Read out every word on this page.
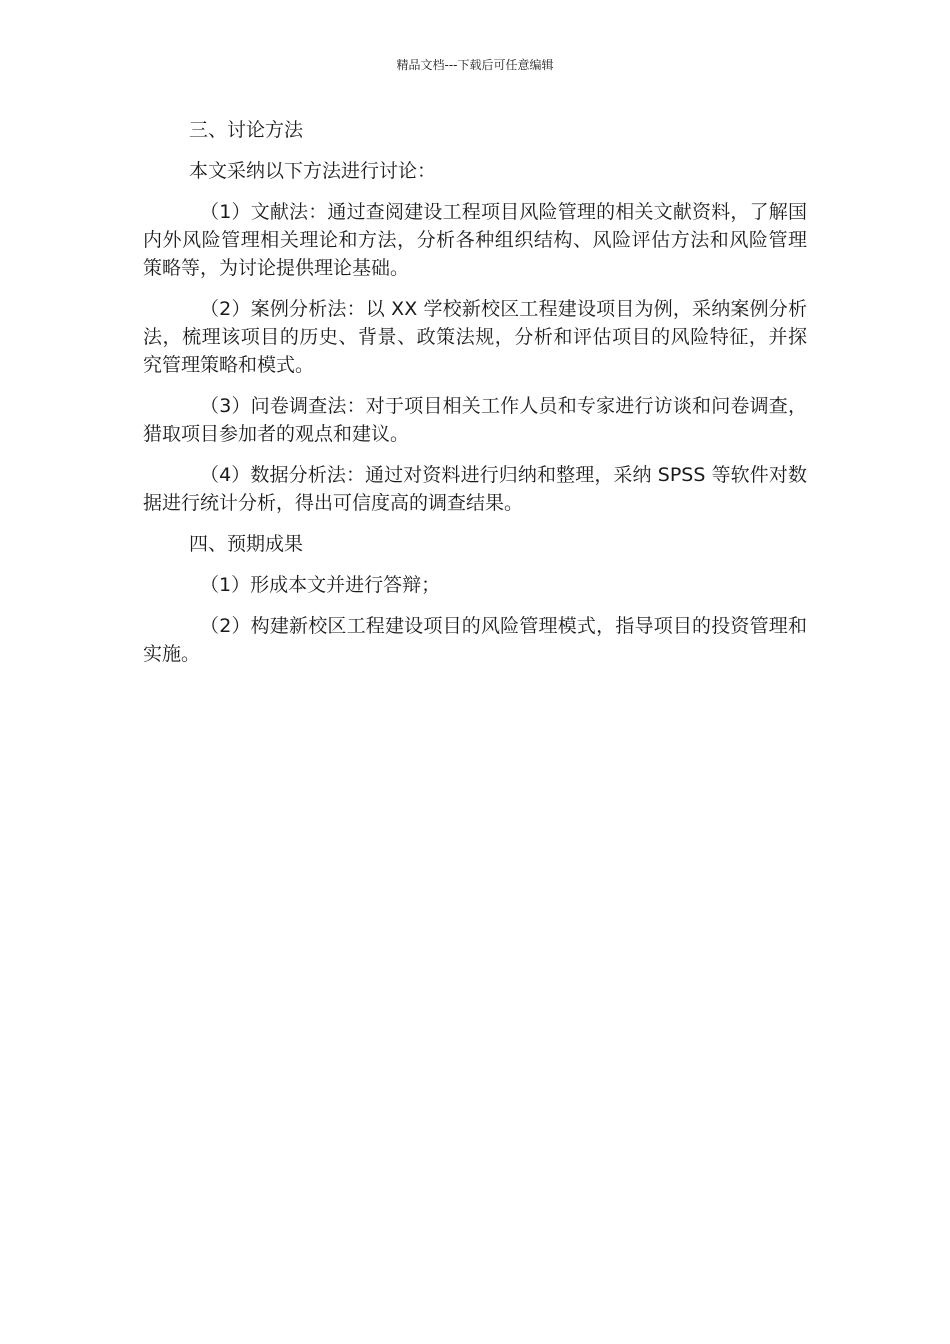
精品文档---下载后可任意编辑

三、讨论方法

本文采纳以下方法进行讨论：

（1）文献法：通过查阅建设工程项目风险管理的相关文献资料，了解国内外风险管理相关理论和方法，分析各种组织结构、风险评估方法和风险管理策略等，为讨论提供理论基础。

（2）案例分析法：以 XX 学校新校区工程建设项目为例，采纳案例分析法，梳理该项目的历史、背景、政策法规，分析和评估项目的风险特征，并探究管理策略和模式。

（3）问卷调查法：对于项目相关工作人员和专家进行访谈和问卷调查，猎取项目参加者的观点和建议。

（4）数据分析法：通过对资料进行归纳和整理，采纳 SPSS 等软件对数据进行统计分析，得出可信度高的调查结果。

四、预期成果

（1）形成本文并进行答辩；

（2）构建新校区工程建设项目的风险管理模式，指导项目的投资管理和实施。
